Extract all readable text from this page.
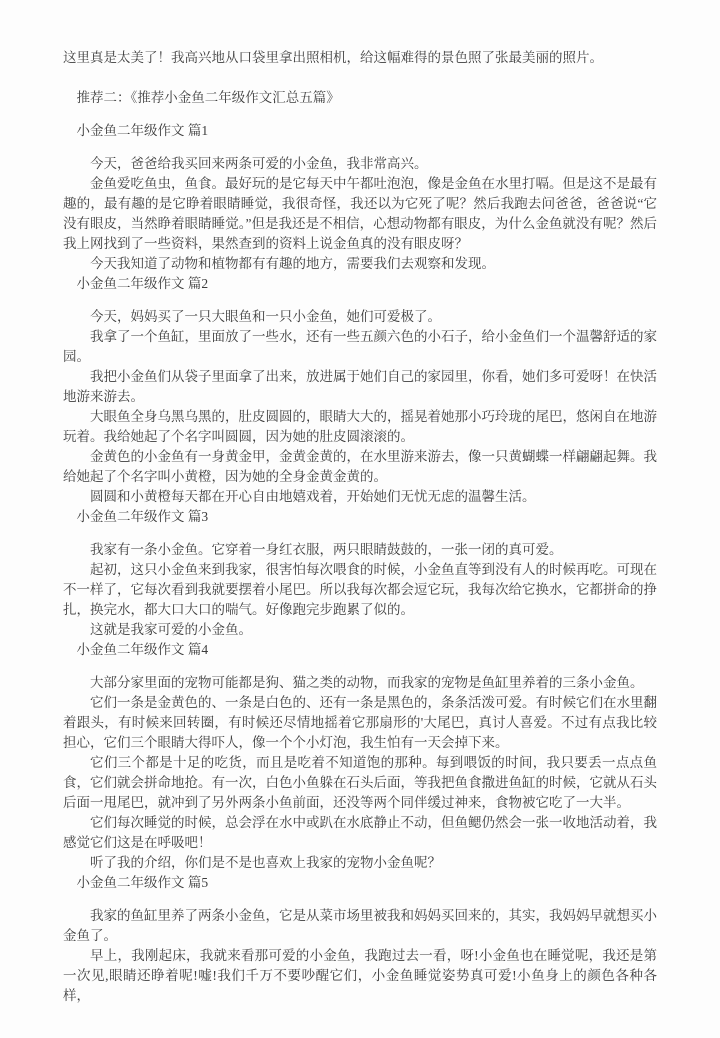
这里真是太美了！我高兴地从口袋里拿出照相机，给这幅难得的景色照了张最美丽的照片。

推荐二：《推荐小金鱼二年级作文汇总五篇》

小金鱼二年级作文 篇1

今天，爸爸给我买回来两条可爱的小金鱼，我非常高兴。

金鱼爱吃鱼虫，鱼食。最好玩的是它每天中午都吐泡泡，像是金鱼在水里打嗝。但是这不是最有趣的，最有趣的是它睁着眼睛睡觉，我很奇怪，我还以为它死了呢？然后我跑去问爸爸，爸爸说“它没有眼皮，当然睁着眼睛睡觉。”但是我还是不相信，心想动物都有眼皮，为什么金鱼就没有呢？然后我上网找到了一些资料，果然查到的资料上说金鱼真的没有眼皮呀？

今天我知道了动物和植物都有有趣的地方，需要我们去观察和发现。

小金鱼二年级作文 篇2

今天，妈妈买了一只大眼鱼和一只小金鱼，她们可爱极了。

我拿了一个鱼缸，里面放了一些水，还有一些五颜六色的小石子，给小金鱼们一个温馨舒适的家园。

我把小金鱼们从袋子里面拿了出来，放进属于她们自己的家园里，你看，她们多可爱呀！在快活地游来游去。

大眼鱼全身乌黑乌黑的，肚皮圆圆的，眼睛大大的，摇晃着她那小巧玲珑的尾巴，悠闲自在地游玩着。我给她起了个名字叫圆圆，因为她的肚皮圆滚滚的。

金黄色的小金鱼有一身黄金甲，金黄金黄的，在水里游来游去，像一只黄蝴蝶一样翩翩起舞。我给她起了个名字叫小黄橙，因为她的全身金黄金黄的。

圆圆和小黄橙每天都在开心自由地嬉戏着，开始她们无忧无虑的温馨生活。

小金鱼二年级作文 篇3

我家有一条小金鱼。它穿着一身红衣服，两只眼睛鼓鼓的，一张一闭的真可爱。

起初，这只小金鱼来到我家，很害怕每次喂食的时候，小金鱼直等到没有人的时候再吃。可现在不一样了，它每次看到我就要摆着小尾巴。所以我每次都会逗它玩，我每次给它换水，它都拼命的挣扎，换完水，都大口大口的喘气。好像跑完步跑累了似的。

这就是我家可爱的小金鱼。

小金鱼二年级作文 篇4

大部分家里面的宠物可能都是狗、猫之类的动物，而我家的宠物是鱼缸里养着的三条小金鱼。

它们一条是金黄色的、一条是白色的、还有一条是黑色的，条条活泼可爱。有时候它们在水里翻着跟头，有时候来回转圈，有时候还尽情地摇着它那扇形的'大尾巴，真讨人喜爱。不过有点我比较担心，它们三个眼睛大得吓人，像一个个小灯泡，我生怕有一天会掉下来。

它们三个都是十足的吃货，而且是吃着不知道饱的那种。每到喂饭的时间，我只要丢一点点鱼食，它们就会拼命地抢。有一次，白色小鱼躲在石头后面，等我把鱼食撒进鱼缸的时候，它就从石头后面一甩尾巴，就冲到了另外两条小鱼前面，还没等两个同伴缓过神来，食物被它吃了一大半。

它们每次睡觉的时候，总会浮在水中或趴在水底静止不动，但鱼鳃仍然会一张一收地活动着，我感觉它们这是在呼吸吧！

听了我的介绍，你们是不是也喜欢上我家的宠物小金鱼呢？

小金鱼二年级作文 篇5

我家的鱼缸里养了两条小金鱼，它是从菜市场里被我和妈妈买回来的，其实，我妈妈早就想买小金鱼了。

早上，我刚起床，我就来看那可爱的小金鱼，我跑过去一看，呀!小金鱼也在睡觉呢，我还是第一次见,眼睛还睁着呢!嘘!我们千万不要吵醒它们，小金鱼睡觉姿势真可爱!小鱼身上的颜色各种各样，
